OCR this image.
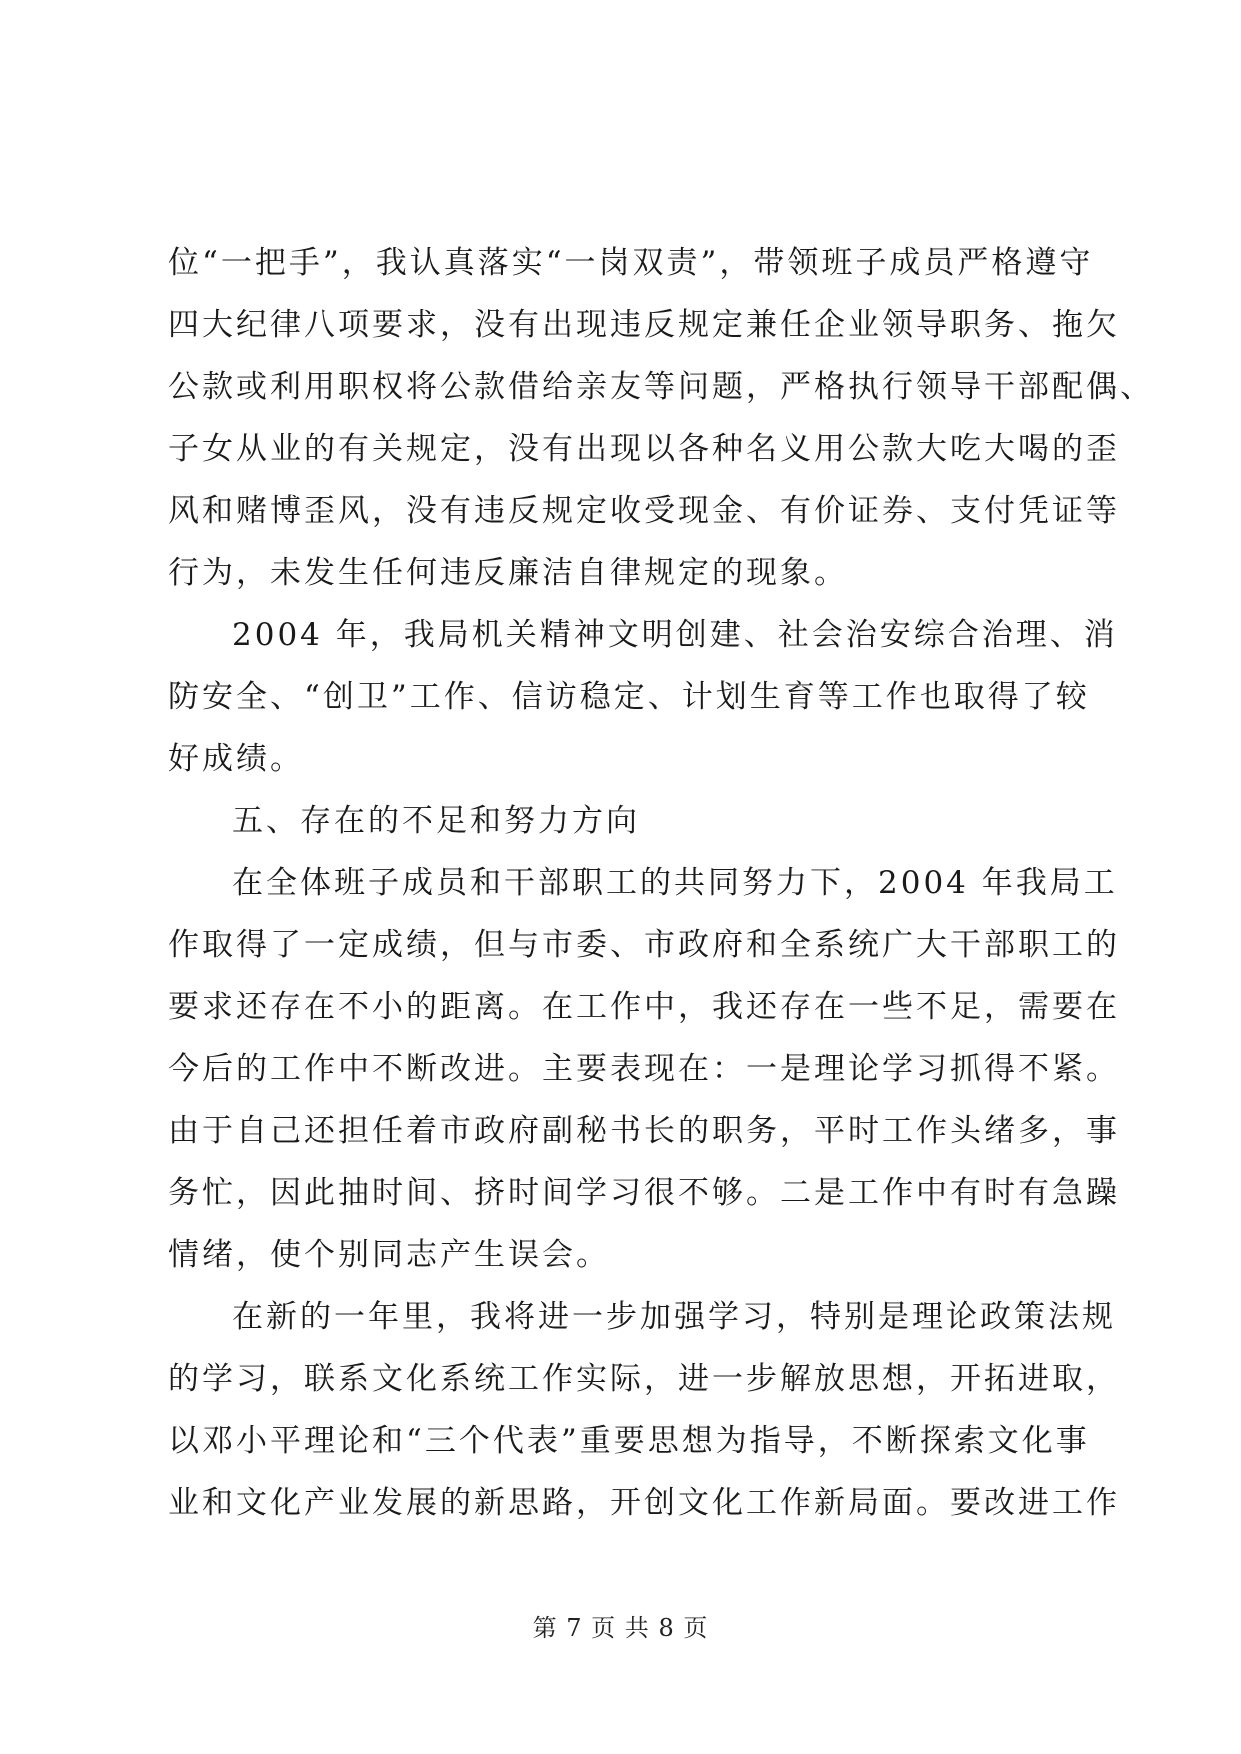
位“一把手”，我认真落实“一岗双责”，带领班子成员严格遵守
四大纪律八项要求，没有出现违反规定兼任企业领导职务、拖欠
公款或利用职权将公款借给亲友等问题，严格执行领导干部配偶、
子女从业的有关规定，没有出现以各种名义用公款大吃大喝的歪
风和赌博歪风，没有违反规定收受现金、有价证券、支付凭证等
行为，未发生任何违反廉洁自律规定的现象。
2004 年，我局机关精神文明创建、社会治安综合治理、消
防安全、“创卫”工作、信访稳定、计划生育等工作也取得了较
好成绩。
五、存在的不足和努力方向
在全体班子成员和干部职工的共同努力下，2004 年我局工
作取得了一定成绩，但与市委、市政府和全系统广大干部职工的
要求还存在不小的距离。在工作中，我还存在一些不足，需要在
今后的工作中不断改进。主要表现在：一是理论学习抓得不紧。
由于自己还担任着市政府副秘书长的职务，平时工作头绪多，事
务忙，因此抽时间、挤时间学习很不够。二是工作中有时有急躁
情绪，使个别同志产生误会。
在新的一年里，我将进一步加强学习，特别是理论政策法规
的学习，联系文化系统工作实际，进一步解放思想，开拓进取，
以邓小平理论和“三个代表”重要思想为指导，不断探索文化事
业和文化产业发展的新思路，开创文化工作新局面。要改进工作
第 7 页 共 8 页
